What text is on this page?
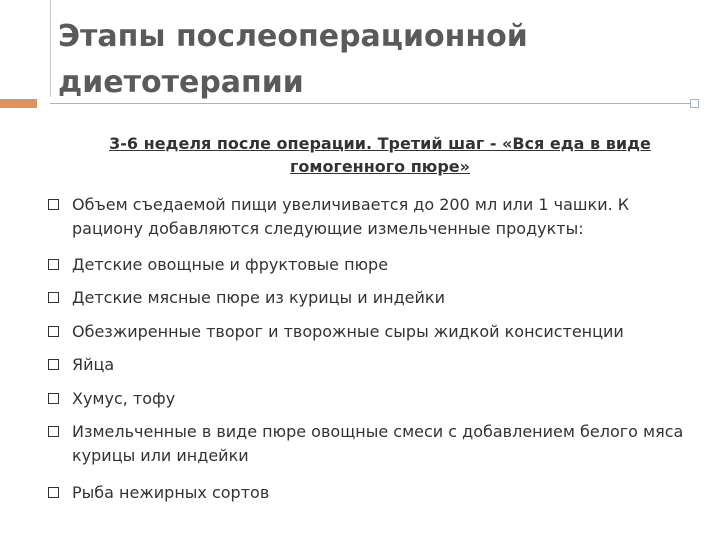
Этапы послеоперационной диетотерапии
3-6 неделя после операции. Третий шаг - «Вся еда в виде
гомогенного пюре»
Объем съедаемой пищи увеличивается до 200 мл или 1 чашки. К рациону добавляются следующие измельченные продукты:
Детские овощные и фруктовые пюре
Детские мясные пюре из курицы и индейки
Обезжиренные творог и творожные сыры жидкой консистенции
Яйца
Хумус, тофу
Измельченные в виде пюре овощные смеси с добавлением белого мяса курицы или индейки
Рыба нежирных сортов
